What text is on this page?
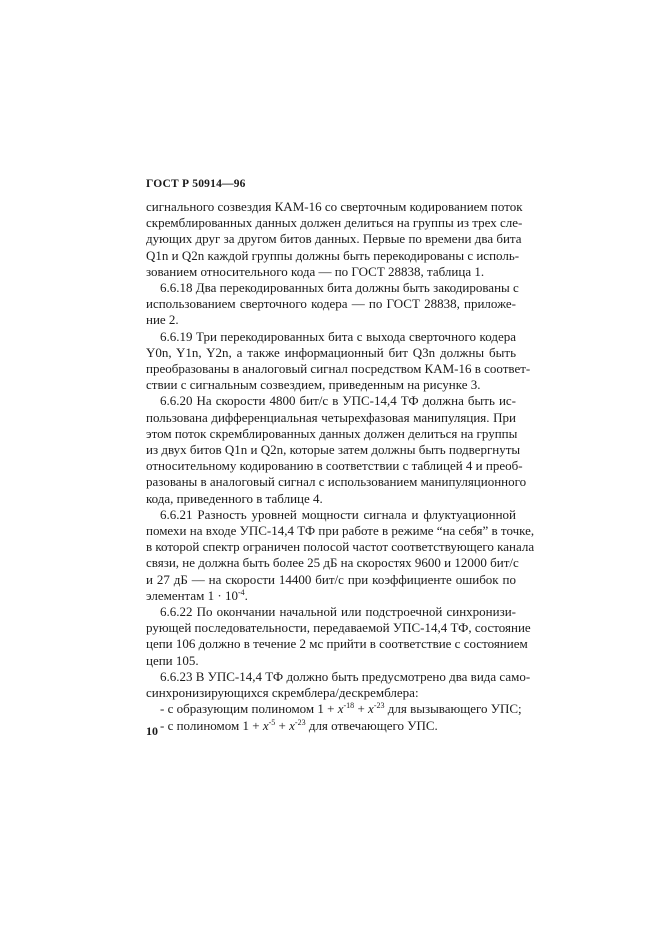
ГОСТ Р 50914—96
сигнального созвездия КАМ-16 со сверточным кодированием поток
скремблированных данных должен делиться на группы из трех сле-
дующих друг за другом битов данных. Первые по времени два бита
Q1n и Q2n каждой группы должны быть перекодированы с исполь-
зованием относительного кода — по ГОСТ 28838, таблица 1.
6.6.18 Два перекодированных бита должны быть закодированы с
использованием сверточного кодера — по ГОСТ 28838, приложе-
ние 2.
6.6.19 Три перекодированных бита с выхода сверточного кодера
Y0n, Y1n, Y2n, а также информационный бит Q3n должны быть
преобразованы в аналоговый сигнал посредством КАМ-16 в соответ-
ствии с сигнальным созвездием, приведенным на рисунке 3.
6.6.20 На скорости 4800 бит/с в УПС-14,4 ТФ должна быть ис-
пользована дифференциальная четырехфазовая манипуляция. При
этом поток скремблированных данных должен делиться на группы
из двух битов Q1n и Q2n, которые затем должны быть подвергнуты
относительному кодированию в соответствии с таблицей 4 и преоб-
разованы в аналоговый сигнал с использованием манипуляционного
кода, приведенного в таблице 4.
6.6.21 Разность уровней мощности сигнала и флуктуационной
помехи на входе УПС-14,4 ТФ при работе в режиме “на себя” в точке,
в которой спектр ограничен полосой частот соответствующего канала
связи, не должна быть более 25 дБ на скоростях 9600 и 12000 бит/с
и 27 дБ — на скорости 14400 бит/с при коэффициенте ошибок по
элементам $1 \cdot 10^{-4}$.
6.6.22 По окончании начальной или подстроечной синхронизи-
рующей последовательности, передаваемой УПС-14,4 ТФ, состояние
цепи 106 должно в течение 2 мс прийти в соответствие с состоянием
цепи 105.
6.6.23 В УПС-14,4 ТФ должно быть предусмотрено два вида само-
синхронизирующихся скремблера/дескремблера:
- с образующим полиномом $1 + x^{-18} + x^{-23}$ для вызывающего УПС;
- с полиномом $1 + x^{-5} + x^{-23}$ для отвечающего УПС.
10
